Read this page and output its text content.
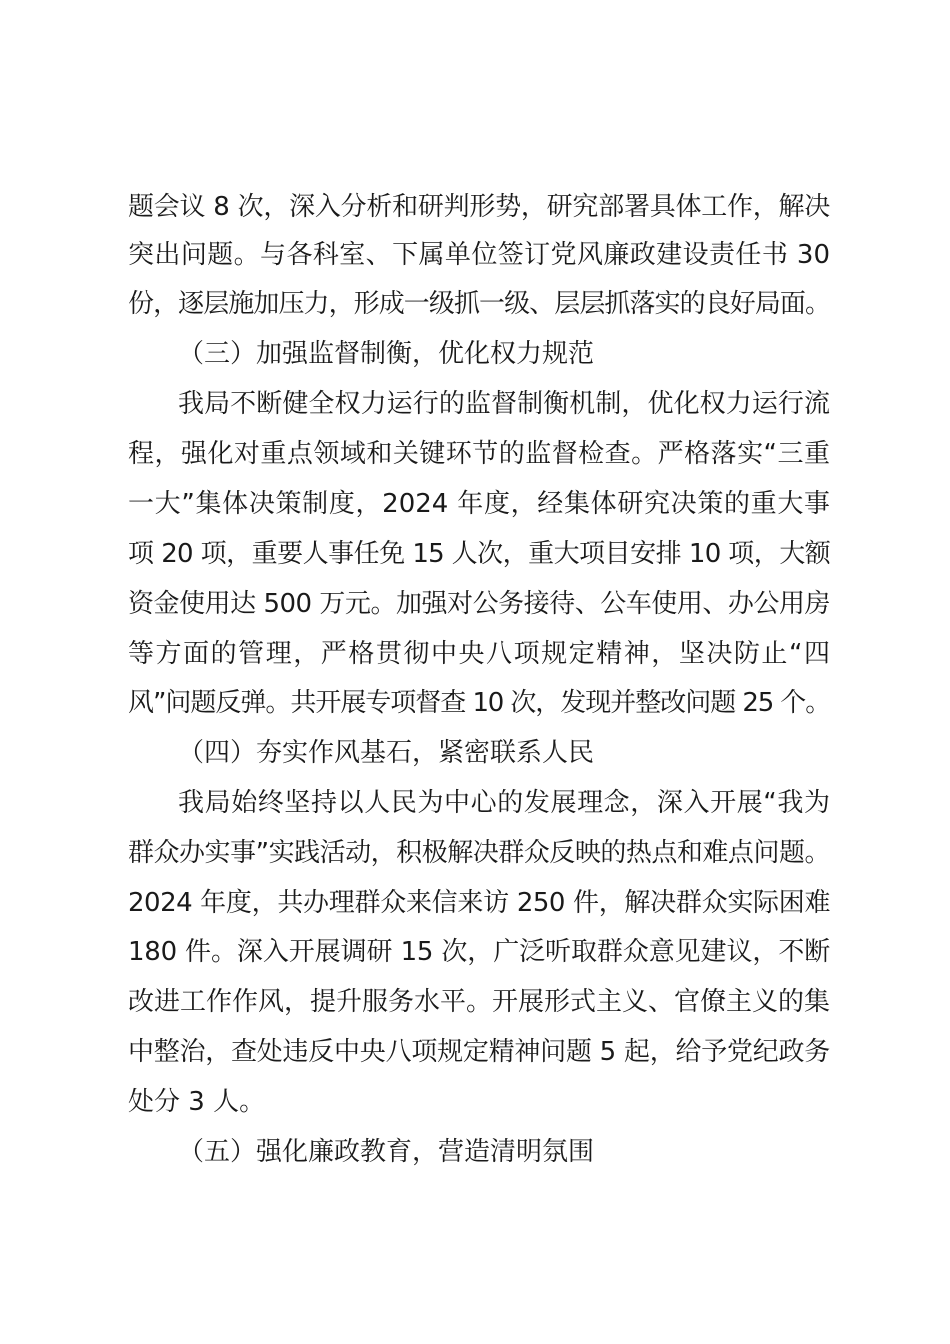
题会议 8 次，深入分析和研判形势，研究部署具体工作，解决
突出问题。与各科室、下属单位签订党风廉政建设责任书 30
份，逐层施加压力，形成一级抓一级、层层抓落实的良好局面。
（三）加强监督制衡，优化权力规范
我局不断健全权力运行的监督制衡机制，优化权力运行流
程，强化对重点领域和关键环节的监督检查。严格落实“三重
一大”集体决策制度，2024 年度，经集体研究决策的重大事
项 20 项，重要人事任免 15 人次，重大项目安排 10 项，大额
资金使用达 500 万元。加强对公务接待、公车使用、办公用房
等方面的管理，严格贯彻中央八项规定精神，坚决防止“四
风”问题反弹。共开展专项督查 10 次，发现并整改问题 25 个。
（四）夯实作风基石，紧密联系人民
我局始终坚持以人民为中心的发展理念，深入开展“我为
群众办实事”实践活动，积极解决群众反映的热点和难点问题。
2024 年度，共办理群众来信来访 250 件，解决群众实际困难
180 件。深入开展调研 15 次，广泛听取群众意见建议，不断
改进工作作风，提升服务水平。开展形式主义、官僚主义的集
中整治，查处违反中央八项规定精神问题 5 起，给予党纪政务
处分 3 人。
（五）强化廉政教育，营造清明氛围
